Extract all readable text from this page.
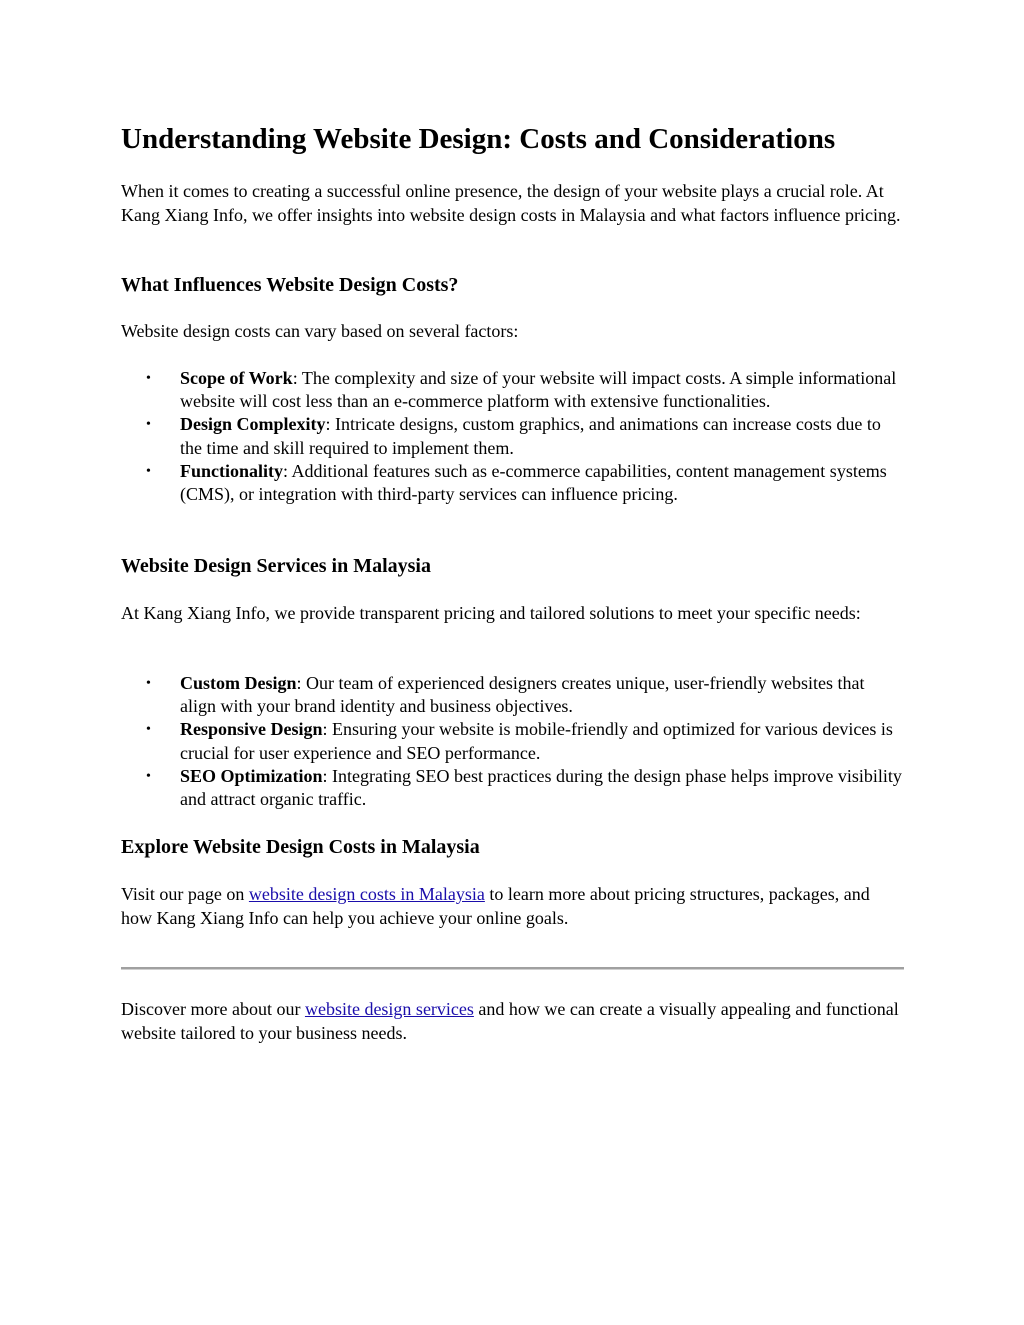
Understanding Website Design: Costs and Considerations

When it comes to creating a successful online presence, the design of your website plays a crucial role. At Kang Xiang Info, we offer insights into website design costs in Malaysia and what factors influence pricing.

What Influences Website Design Costs?

Website design costs can vary based on several factors:

• Scope of Work: The complexity and size of your website will impact costs. A simple informational website will cost less than an e-commerce platform with extensive functionalities.
• Design Complexity: Intricate designs, custom graphics, and animations can increase costs due to the time and skill required to implement them.
• Functionality: Additional features such as e-commerce capabilities, content management systems (CMS), or integration with third-party services can influence pricing.
Website Design Services in Malaysia

At Kang Xiang Info, we provide transparent pricing and tailored solutions to meet your specific needs:

• Custom Design: Our team of experienced designers creates unique, user-friendly websites that align with your brand identity and business objectives.
• Responsive Design: Ensuring your website is mobile-friendly and optimized for various devices is crucial for user experience and SEO performance.
• SEO Optimization: Integrating SEO best practices during the design phase helps improve visibility and attract organic traffic.
Explore Website Design Costs in Malaysia

Visit our page on website design costs in Malaysia to learn more about pricing structures, packages, and how Kang Xiang Info can help you achieve your online goals.

Discover more about our website design services and how we can create a visually appealing and functional website tailored to your business needs.
